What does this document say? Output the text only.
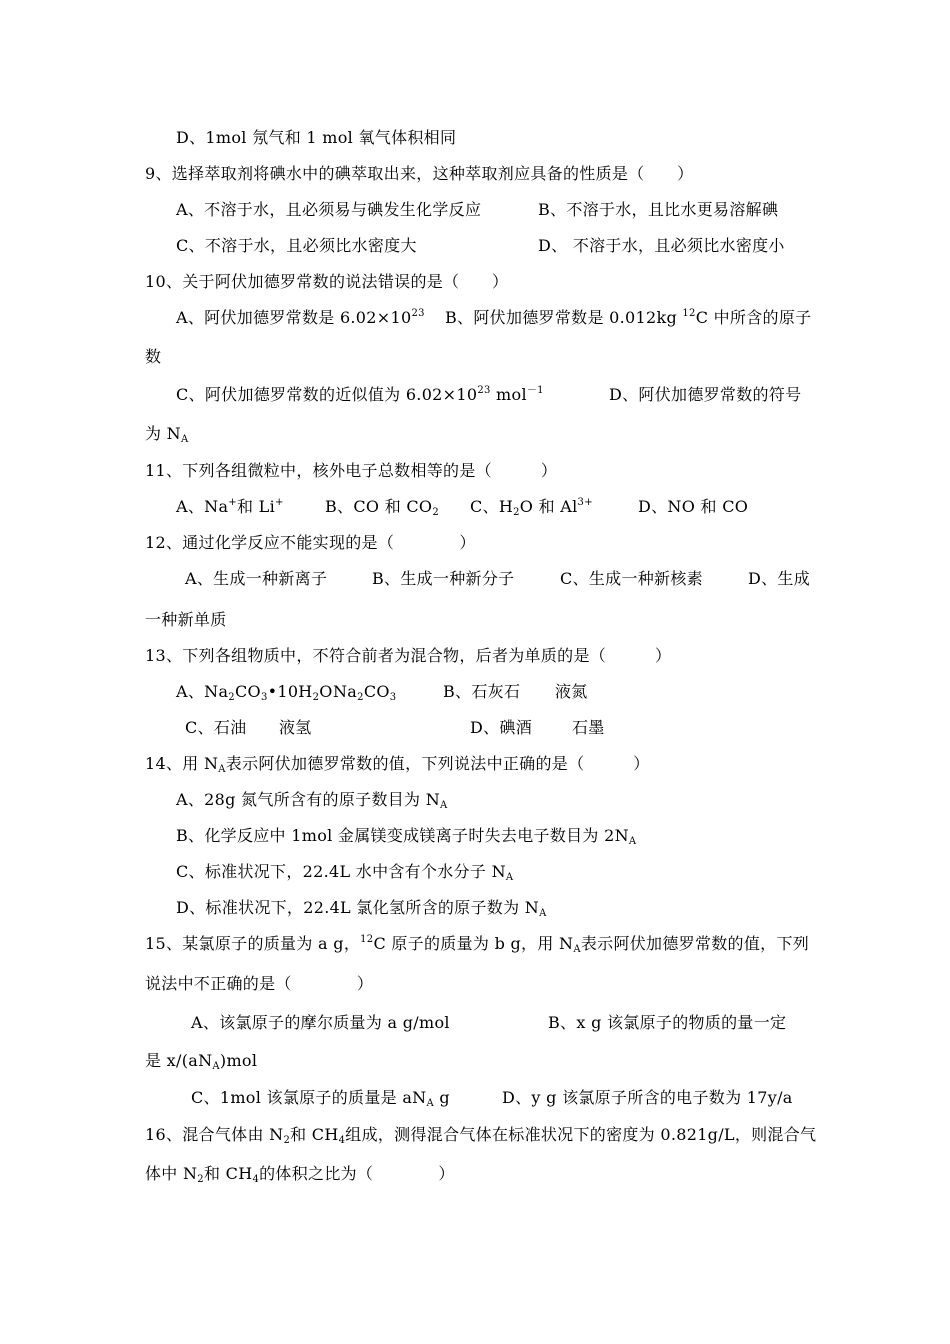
D、1mol 氖气和 1 mol 氧气体积相同
9、选择萃取剂将碘水中的碘萃取出来，这种萃取剂应具备的性质是（　　）
A、不溶于水，且必须易与碘发生化学反应	B、不溶于水，且比水更易溶解碘
C、不溶于水，且必须比水密度大	D、 不溶于水，且必须比水密度小
10、关于阿伏加德罗常数的说法错误的是（　　）
A、阿伏加德罗常数是 $6.02\times 10^{23}$ B、阿伏加德罗常数是 0.012kg $^{12}$C 中所含的原子
数
C、阿伏加德罗常数的近似值为 $6.02\times 10^{23}$ mol$^{-1}$	D、阿伏加德罗常数的符号
为 $N_A$
11、下列各组微粒中，核外电子总数相等的是（　　　）
A、Na+和 Li+	B、CO 和 $CO_2$ C、$H_2O$ 和 $Al^{3+}$	D、NO 和 CO
12、通过化学反应不能实现的是（　　　　）
A、生成一种新离子	B、生成一种新分子	C、生成一种新核素	D、生成
一种新单质
13、下列各组物质中，不符合前者为混合物，后者为单质的是（　　　）
A、$Na_2CO_3•10H_2O$ $Na_2CO_3$	B、石灰石 液氮
C、石油 液氢	D、碘酒 石墨
14、用 $N_A$表示阿伏加德罗常数的值，下列说法中正确的是（　　　）
A、28g 氮气所含有的原子数目为 $N_A$
B、化学反应中 1mol 金属镁变成镁离子时失去电子数目为 $2N_A$
C、标准状况下，22.4L 水中含有个水分子 $N_A$
D、标准状况下，22.4L 氯化氢所含的原子数为 $N_A$
15、某氯原子的质量为 a g，$^{12}$C 原子的质量为 b g，用 $N_A$表示阿伏加德罗常数的值，下列
说法中不正确的是（　　　　）
A、该氯原子的摩尔质量为 a g/mol	B、x g 该氯原子的物质的量一定
是 $x/(aN_A)mol$
C、1mol 该氯原子的质量是 $aN_A$ g	D、y g 该氯原子所含的电子数为 17y/a
16、混合气体由 $N_2$和 $CH_4$组成，测得混合气体在标准状况下的密度为 0.821g/L，则混合气
体中 $N_2$和 $CH_4$的体积之比为（　　　　）
